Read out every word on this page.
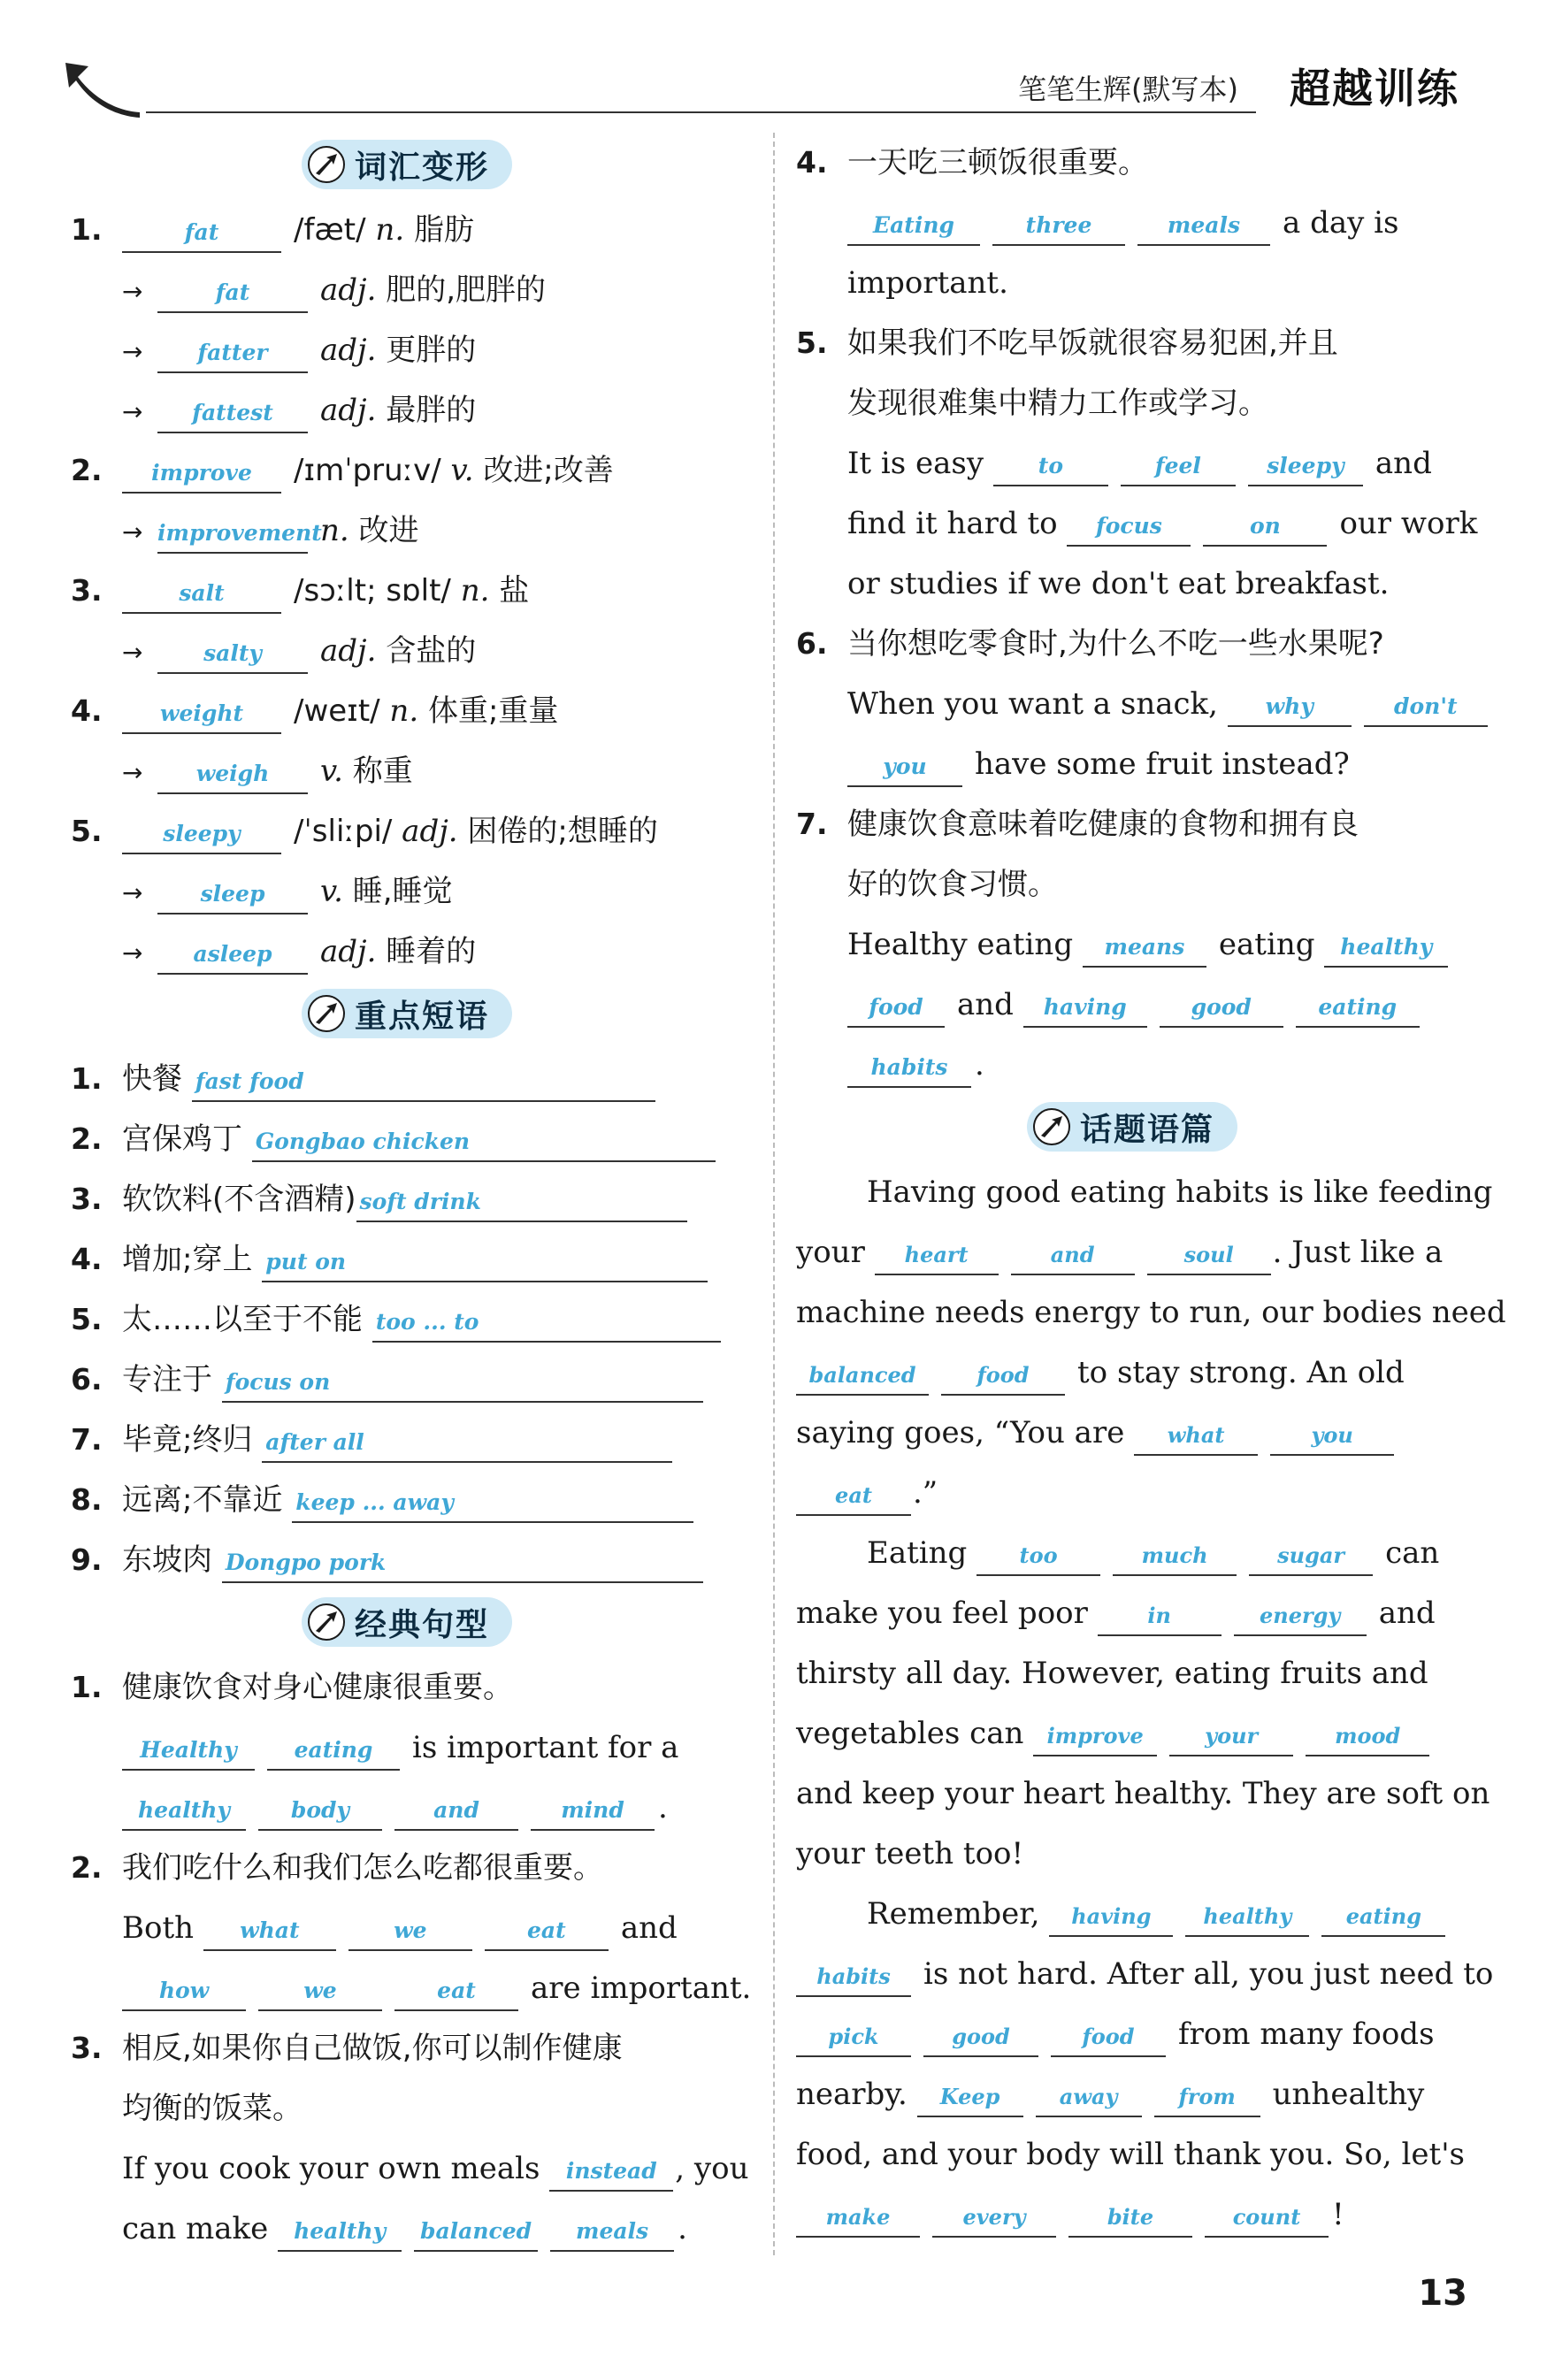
笔笔生辉(默写本) 超越训练
词汇变形
1.	fat /fæt/ n. 脂肪
→	fat adj. 肥的,肥胖的
→ fatter adj. 更胖的
→ fattest adj. 最胖的
2. improve /ɪmˈpruːv/ v. 改进;改善
→ improvementn. 改进
3.	salt /sɔːlt; sɒlt/ n. 盐
→	salty adj. 含盐的
4.	weight /weɪt/ n. 体重;重量
→ weigh v. 称重
5.	sleepy /ˈsliːpi/ adj. 困倦的;想睡的
→	sleep v. 睡,睡觉
→ asleep adj. 睡着的
重点短语
1. 快餐 fast food
2. 宫保鸡丁 Gongbao chicken
3. 软饮料(不含酒精) soft drink
4. 增加;穿上 put on
5. 太……以至于不能 too ... to
6. 专注于 focus on
7. 毕竟;终归 after all
8. 远离;不靠近 keep ... away
9. 东坡肉 Dongpo pork
经典句型
1. 健康饮食对身心健康很重要。
Healthy	eating is important for a
healthy	body	and	mind .
2. 我们吃什么和我们怎么吃都很重要。
Both what	we	eat and
how	we	eat are important.
3. 相反,如果你自己做饭,你可以制作健康
均衡的饭菜。
If you cook your own meals instead , you
can make healthy balanced meals .
4. 一天吃三顿饭很重要。
Eating	three	meals a day is
important.
5. 如果我们不吃早饭就很容易犯困,并且
发现很难集中精力工作或学习。
It is easy to	feel	sleepy and
find it hard to focus	on our work
or studies if we don't eat breakfast.
6. 当你想吃零食时,为什么不吃一些水果呢?
When you want a snack, why	don't
you have some fruit instead?
7. 健康饮食意味着吃健康的食物和拥有良
好的饮食习惯。
Healthy eating means eating healthy
food and having	good	eating
habits .
话题语篇
Having good eating habits is like feeding
your heart	and	soul . Just like a
machine needs energy to run, our bodies need
balanced	food to stay strong. An old
saying goes, “You are what	you
eat .”
Eating too	much	sugar can
make you feel poor	in	energy and
thirsty all day. However, eating fruits and
vegetables can improve	your	mood
and keep your heart healthy. They are soft on
your teeth too!
Remember, having healthy	eating
habits is not hard. After all, you just need to
pick	good	food from many foods
nearby. Keep	away	from unhealthy
food, and your body will thank you. So, let's
make	every	bite	count !
13
